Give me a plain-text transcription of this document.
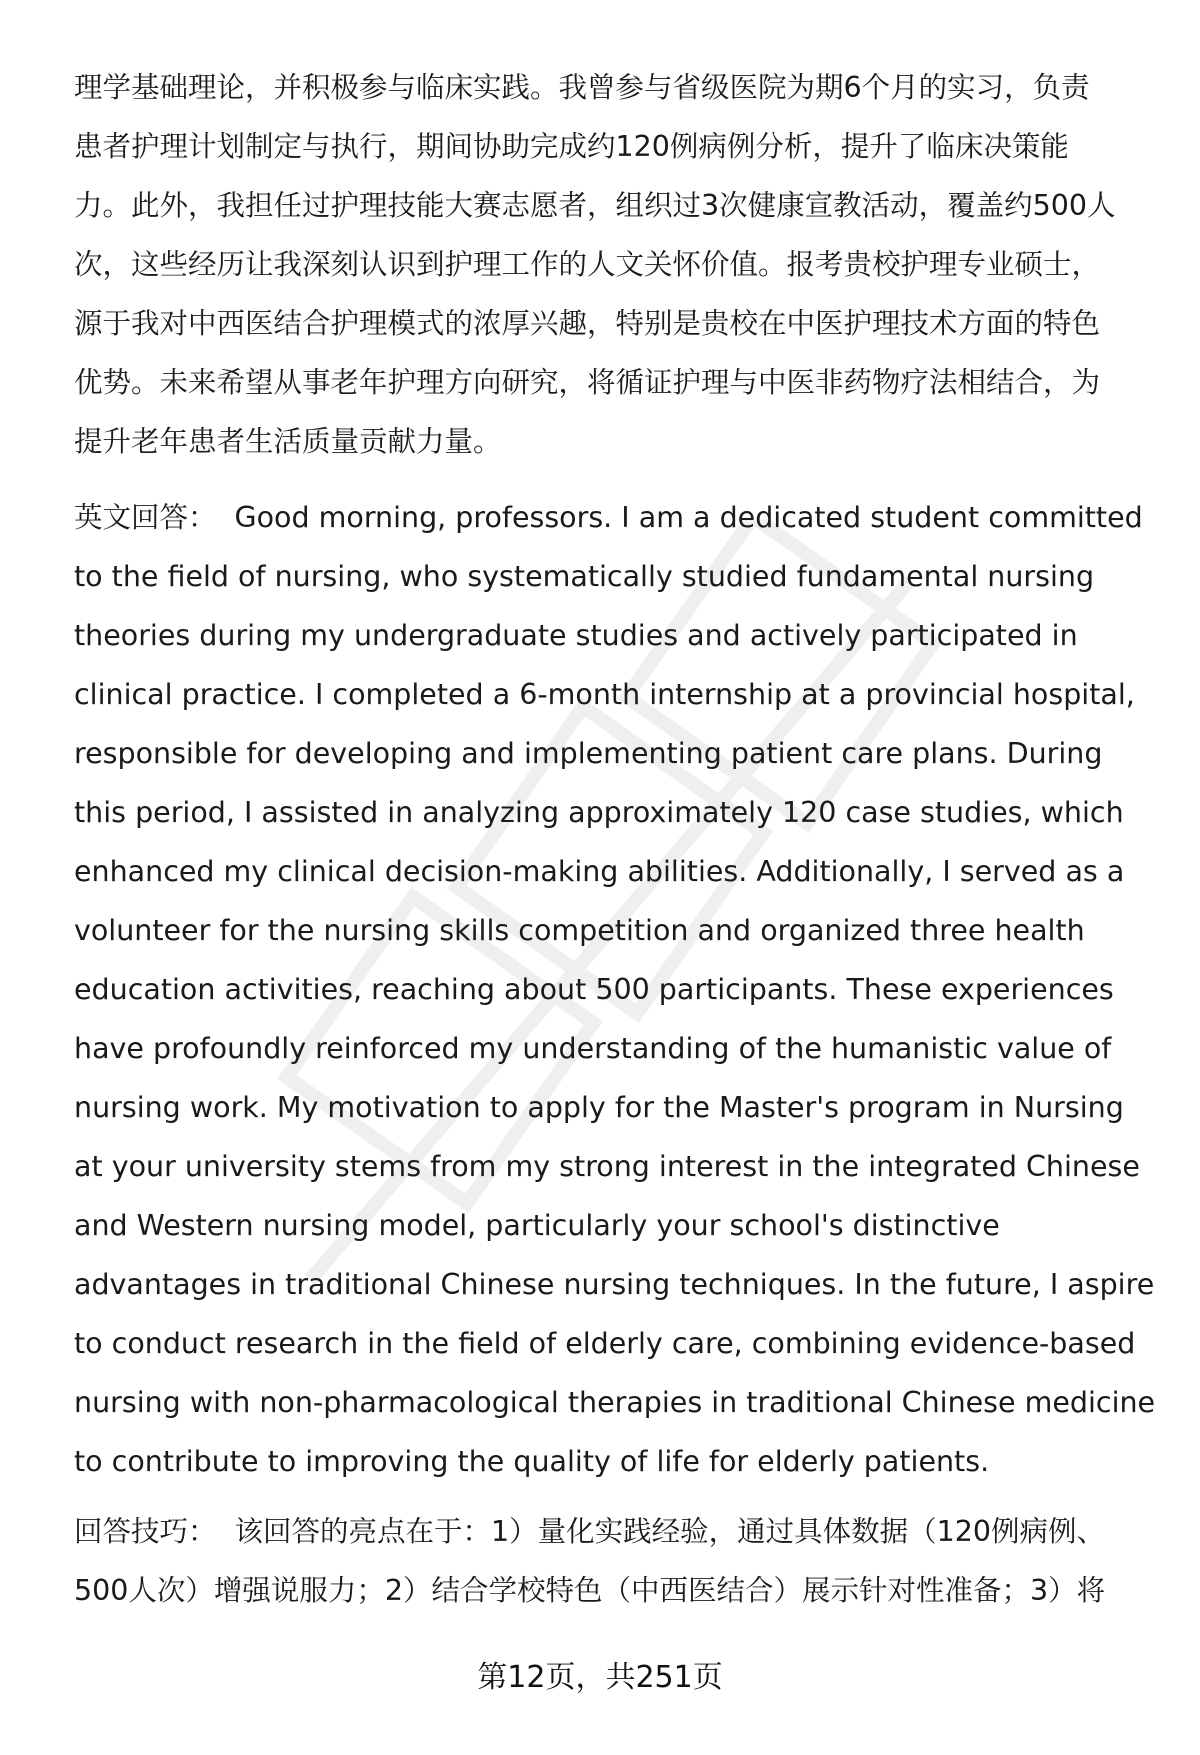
理学基础理论，并积极参与临床实践。我曾参与省级医院为期6个月的实习，负责
患者护理计划制定与执行，期间协助完成约120例病例分析，提升了临床决策能
力。此外，我担任过护理技能大赛志愿者，组织过3次健康宣教活动，覆盖约500人
次，这些经历让我深刻认识到护理工作的人文关怀价值。报考贵校护理专业硕士，
源于我对中西医结合护理模式的浓厚兴趣，特别是贵校在中医护理技术方面的特色
优势。未来希望从事老年护理方向研究，将循证护理与中医非药物疗法相结合，为
提升老年患者生活质量贡献力量。
英文回答： Good morning, professors. I am a dedicated student committed
to the field of nursing, who systematically studied fundamental nursing
theories during my undergraduate studies and actively participated in
clinical practice. I completed a 6-month internship at a provincial hospital,
responsible for developing and implementing patient care plans. During
this period, I assisted in analyzing approximately 120 case studies, which
enhanced my clinical decision-making abilities. Additionally, I served as a
volunteer for the nursing skills competition and organized three health
education activities, reaching about 500 participants. These experiences
have profoundly reinforced my understanding of the humanistic value of
nursing work. My motivation to apply for the Master's program in Nursing
at your university stems from my strong interest in the integrated Chinese
and Western nursing model, particularly your school's distinctive
advantages in traditional Chinese nursing techniques. In the future, I aspire
to conduct research in the field of elderly care, combining evidence-based
nursing with non-pharmacological therapies in traditional Chinese medicine
to contribute to improving the quality of life for elderly patients.
回答技巧： 该回答的亮点在于：1）量化实践经验，通过具体数据（120例病例、
500人次）增强说服力；2）结合学校特色（中西医结合）展示针对性准备；3）将
第12页，共251页
